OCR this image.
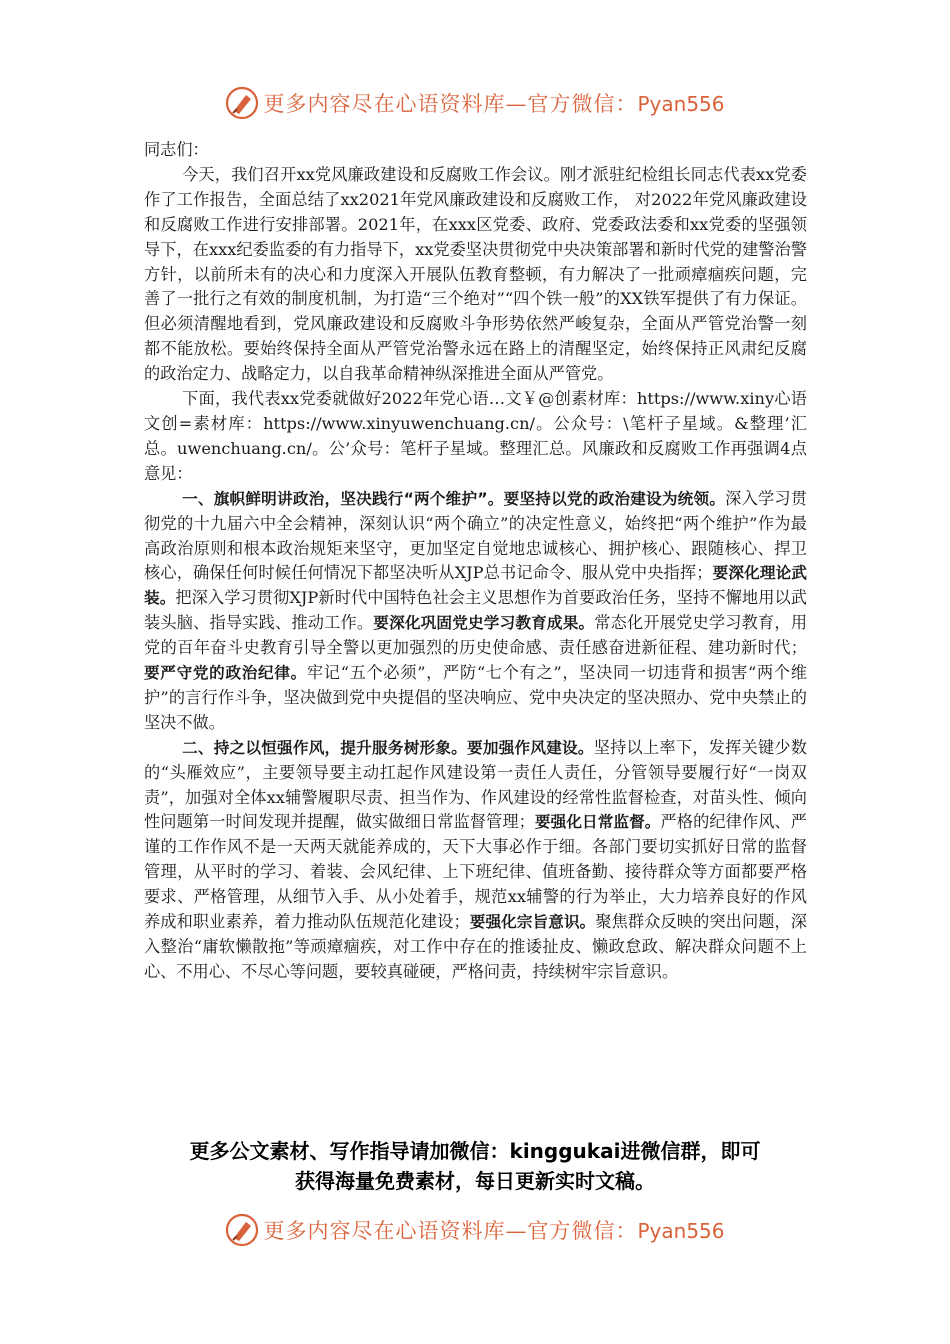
更多内容尽在心语资料库—官方微信：Pyan556

同志们：

今天，我们召开xx党风廉政建设和反腐败工作会议。刚才派驻纪检组长同志代表xx党委作了工作报告，全面总结了xx2021年党风廉政建设和反腐败工作， 对2022年党风廉政建设和反腐败工作进行安排部署。2021年，在xxx区党委、政府、党委政法委和xx党委的坚强领导下，在xxx纪委监委的有力指导下，xx党委坚决贯彻党中央决策部署和新时代党的建警治警方针，以前所未有的决心和力度深入开展队伍教育整顿，有力解决了一批顽瘴痼疾问题，完善了一批行之有效的制度机制，为打造“三个绝对”“四个铁一般”的XX铁军提供了有力保证。但必须清醒地看到，党风廉政建设和反腐败斗争形势依然严峻复杂，全面从严管党治警一刻都不能放松。要始终保持全面从严管党治警永远在路上的清醒坚定，始终保持正风肃纪反腐的政治定力、战略定力，以自我革命精神纵深推进全面从严管党。

下面，我代表xx党委就做好2022年党心语…文￥@创素材库：https://www.xiny心语文创=素材库：https://www.xinyuwenchuang.cn/。公众号：\笔杆子星域。&整理’汇总。uwenchuang.cn/。公’众号：笔杆子星域。整理汇总。风廉政和反腐败工作再强调4点意见：

一、旗帜鲜明讲政治，坚决践行“两个维护”。要坚持以党的政治建设为统领。深入学习贯彻党的十九届六中全会精神，深刻认识“两个确立”的决定性意义，始终把“两个维护”作为最高政治原则和根本政治规矩来坚守，更加坚定自觉地忠诚核心、拥护核心、跟随核心、捍卫核心，确保任何时候任何情况下都坚决听从XJP总书记命令、服从党中央指挥；要深化理论武装。把深入学习贯彻XJP新时代中国特色社会主义思想作为首要政治任务，坚持不懈地用以武装头脑、指导实践、推动工作。要深化巩固党史学习教育成果。常态化开展党史学习教育，用党的百年奋斗史教育引导全警以更加强烈的历史使命感、责任感奋进新征程、建功新时代；要严守党的政治纪律。牢记“五个必须”，严防“七个有之”，坚决同一切违背和损害“两个维护”的言行作斗争，坚决做到党中央提倡的坚决响应、党中央决定的坚决照办、党中央禁止的坚决不做。

二、持之以恒强作风，提升服务树形象。要加强作风建设。坚持以上率下，发挥关键少数的“头雁效应”，主要领导要主动扛起作风建设第一责任人责任，分管领导要履行好“一岗双责”，加强对全体xx辅警履职尽责、担当作为、作风建设的经常性监督检查，对苗头性、倾向性问题第一时间发现并提醒，做实做细日常监督管理；要强化日常监督。严格的纪律作风、严谨的工作作风不是一天两天就能养成的，天下大事必作于细。各部门要切实抓好日常的监督管理，从平时的学习、着装、会风纪律、上下班纪律、值班备勤、接待群众等方面都要严格要求、严格管理，从细节入手、从小处着手，规范xx辅警的行为举止，大力培养良好的作风养成和职业素养，着力推动队伍规范化建设；要强化宗旨意识。聚焦群众反映的突出问题，深入整治“庸软懒散拖”等顽瘴痼疾，对工作中存在的推诿扯皮、懒政怠政、解决群众问题不上心、不用心、不尽心等问题，要较真碰硬，严格问责，持续树牢宗旨意识。

更多公文素材、写作指导请加微信：kinggukai进微信群，即可
获得海量免费素材，每日更新实时文稿。
更多内容尽在心语资料库—官方微信：Pyan556
